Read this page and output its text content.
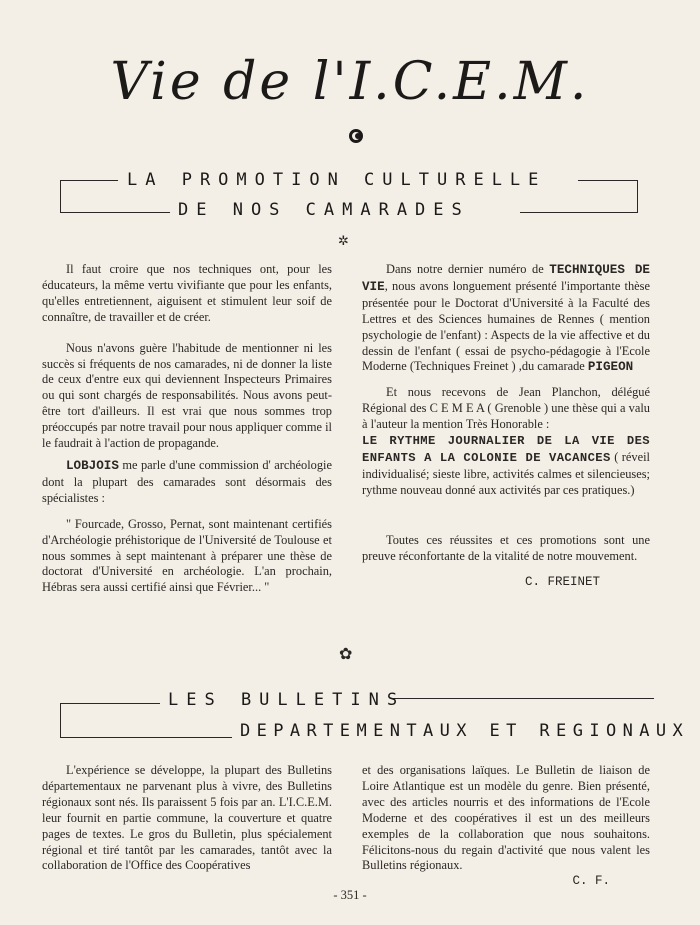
Vie de l'I.C.E.M.
LA PROMOTION CULTURELLE
DE NOS CAMARADES
✲

Il faut croire que nos techniques ont, pour les éducateurs, la même vertu vivifiante que pour les enfants, qu'elles entretiennent, aiguisent et stimulent leur soif de connaître, de travailler et de créer.

Nous n'avons guère l'habitude de mentionner ni les succès si fréquents de nos camarades, ni de donner la liste de ceux d'entre eux qui deviennent Inspecteurs Primaires ou qui sont chargés de responsabilités. Nous avons peut-être tort d'ailleurs. Il est vrai que nous sommes trop préoccupés par notre travail pour nous appliquer comme il le faudrait à l'action de propagande.

LOBJOIS me parle d'une commission d' archéologie dont la plupart des camarades sont désormais des spécialistes :

" Fourcade, Grosso, Pernat, sont maintenant certifiés d'Archéologie préhistorique de l'Université de Toulouse et nous sommes à sept maintenant à préparer une thèse de doctorat d'Université en archéologie. L'an prochain, Hébras sera aussi certifié ainsi que Février... "

Dans notre dernier numéro de TECHNIQUES DE VIE, nous avons longuement présenté l'importante thèse présentée pour le Doctorat d'Université à la Faculté des Lettres et des Sciences humaines de Rennes ( mention psychologie de l'enfant) : Aspects de la vie affective et du dessin de l'enfant ( essai de psycho-pédagogie à l'Ecole Moderne (Techniques Freinet ) ,du camarade PIGEON

Et nous recevons de Jean Planchon, délégué Régional des C E M E A ( Grenoble ) une thèse qui a valu à l'auteur la mention Très Honorable :

LE RYTHME JOURNALIER DE LA VIE DES ENFANTS A LA COLONIE DE VACANCES ( réveil individualisé; sieste libre, activités calmes et silencieuses; rythme nouveau donné aux activités par ces pratiques.)

Toutes ces réussites et ces promotions sont une preuve réconfortante de la vitalité de notre mouvement.

C. FREINET

✿
LES BULLETINS
DEPARTEMENTAUX ET REGIONAUX

L'expérience se développe, la plupart des Bulletins départementaux ne parvenant plus à vivre, des Bulletins régionaux sont nés. Ils paraissent 5 fois par an. L'I.C.E.M. leur fournit en partie commune, la couverture et quatre pages de textes. Le gros du Bulletin, plus spécialement régional et tiré tantôt par les camarades, tantôt avec la collaboration de l'Office des Coopératives

et des organisations laïques. Le Bulletin de liaison de Loire Atlantique est un modèle du genre. Bien présenté, avec des articles nourris et des informations de l'Ecole Moderne et des coopératives il est un des meilleurs exemples de la collaboration que nous souhaitons. Félicitons-nous du regain d'activité que nous valent les Bulletins régionaux.

C. F.

- 351 -
